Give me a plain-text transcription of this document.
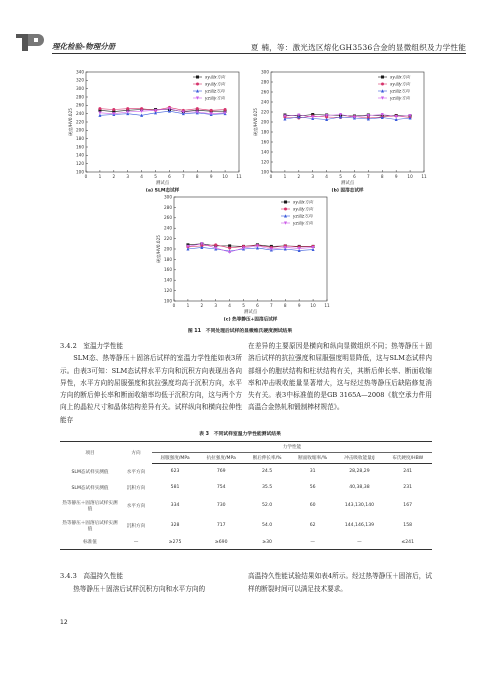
理化检验-物理分册	夏 楠，等：激光选区熔化GH3536合金的显微组织及力学性能
100
120
140
160
180
200
220
240
260
280
300
320
340
0	1	2	3	4	5	6	7	8	9 10 11
测试点
硬度/HV0.025
(a) SLM态试样
xy面x方向
xy面y方向
yz面z方向
yz面y方向
100
120
140
160
180
200
220
240
260
280
300
0	1	2	3	4	5	6	7	8	9 10 11
测试点
硬度/HV0.025
(b) 固溶态试样
xy面x方向
xy面y方向
yz面z方向
yz面y方向
100
120
140
160
180
200
220
240
260
280
300
0	1	2	3	4	5	6	7	8	9 10 11
测试点
硬度/HV0.025
(c) 热等静压+固溶后试样
xy面x方向
xy面y方向
yz面z方向
yz面y方向
图 11　不同处理后试样的显微维氏硬度测试结果

3.4.2　室温力学性能

SLM态、热等静压＋固溶后试样的室温力学性能如表3所示。由表3可知：SLM态试样水平方向和沉积方向表现出各向异性，水平方向的屈服强度和抗拉强度均高于沉积方向，水平方向的断后伸长率和断面收缩率均低于沉积方向，这与两个方向上的晶粒尺寸和晶体结构差异有关。试样纵向和横向拉伸性能存

在差异的主要原因是横向和纵向显微组织不同；热等静压＋固溶后试样的抗拉强度和屈服强度明显降低，这与SLM态试样内部细小的胞状结构和柱状结构有关，其断后伸长率、断面收缩率和冲击吸收能量显著增大，这与经过热等静压后缺陷修复消失有关。表3中标准值的是GB 3165A—2008《航空承力件用高温合金热轧和锻制棒材规范》。

表 3　不同试样室温力学性能测试结果
项目	方向	力学性能					
		屈服强度/MPa	抗拉强度/MPa	断后伸长率/%	断面收缩率/%	冲击吸收能量/J	布氏硬度/HBW
SLM态试样实测值	水平方向	623	769	24.5	31	28,28,29	241
SLM态试样实测值	沉积方向	581	754	35.5	56	40,38,38	231
热等静压＋固溶后试样实测值	水平方向	334	730	52.0	60	143,130,140	167
热等静压＋固溶后试样实测值	沉积方向	328	717	54.0	62	144,146,139	158
标准值	—	≥275	≥690	≥30	—	—	≤241

3.4.3　高温持久性能

热等静压＋固溶后试样沉积方向和水平方向的

高温持久性能试验结果如表4所示。经过热等静压＋固溶后，试样的断裂时间可以满足技术要求。
12
